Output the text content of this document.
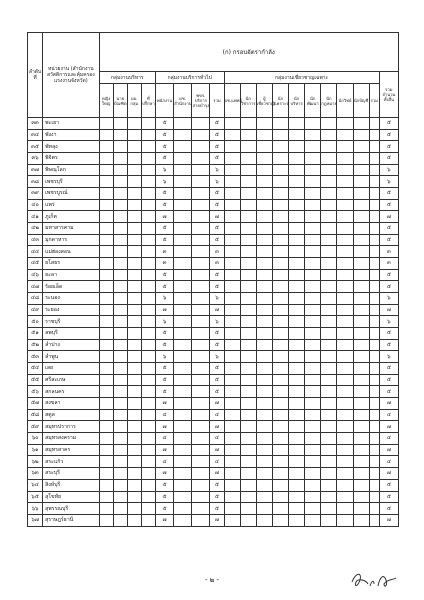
ลำดับที่	หน่วยงาน (สำนักงานสวัสดิการและคุ้มครองแรงงานจังหวัด)	(ก) กรอบอัตรากำลัง																		
		กลุ่มงานบริหาร				กลุ่มงานบริการทั่วไป				กลุ่มงานเชี่ยวชาญเฉพาะ										รวม จำนวน ทั้งสิ้น
		หญิงใหญ่	นาย บัณฑิต	ผอ. กลุ่ม	ที่ปรึกษา	พนักงาน	ผช. สำนักงาน	พขร. บริการสายบำรุง	รวม	ผช.แพทย์	นักวิชาการ	ผู้เชี่ยวชาญ	นักวิเคราะห์	นักบริหาร	นักพัฒนา	นักกฎหมาย	นักวิทย์	นักบัญชี	รวม	
๓๓	พะเยา					๕			๕											๕
๓๔	พังงา					๕			๕											๕
๓๕	พัทลุง					๕			๕											๕
๓๖	พิจิตร					๕			๕											๕
๓๗	พิษณุโลก					๖			๖											๖
๓๘	เพชรบุรี					๖			๖											๖
๓๙	เพชรบูรณ์					๕			๕											๕
๔๐	แพร่					๕			๕											๕
๔๑	ภูเก็ต					๗			๗											๗
๔๒	มหาสารคาม					๕			๕											๕
๔๓	มุกดาหาร					๕			๕											๕
๔๔	แม่ฮ่องสอน					๓			๓											๓
๔๕	ยโสธร					๓			๓											๓
๔๖	ยะลา					๕			๕											๕
๔๗	ร้อยเอ็ด					๕			๕											๕
๔๘	ระนอง					๖			๖											๖
๔๙	ระยอง					๗			๗											๗
๕๐	ราชบุรี					๖			๖											๖
๕๑	ลพบุรี					๕			๕											๕
๕๒	ลำปาง					๕			๕											๕
๕๓	ลำพูน					๖			๖											๖
๕๔	เลย					๕			๕											๕
๕๕	ศรีสะเกษ					๕			๕											๕
๕๖	สกลนคร					๕			๕											๕
๕๗	สงขลา					๗			๗											๗
๕๘	สตูล					๔			๔											๔
๕๙	สมุทรปราการ					๗			๗											๗
๖๐	สมุทรสงคราม					๔			๔											๔
๖๑	สมุทรสาคร					๗			๗											๗
๖๒	สระแก้ว					๔			๔											๔
๖๓	สระบุรี					๗			๗											๗
๖๔	สิงห์บุรี					๕			๕											๕
๖๕	สุโขทัย					๕			๕											๕
๖๖	สุพรรณบุรี					๕			๕											๕
๖๗	สุราษฎร์ธานี					๗			๗											๗
- ๒ -
